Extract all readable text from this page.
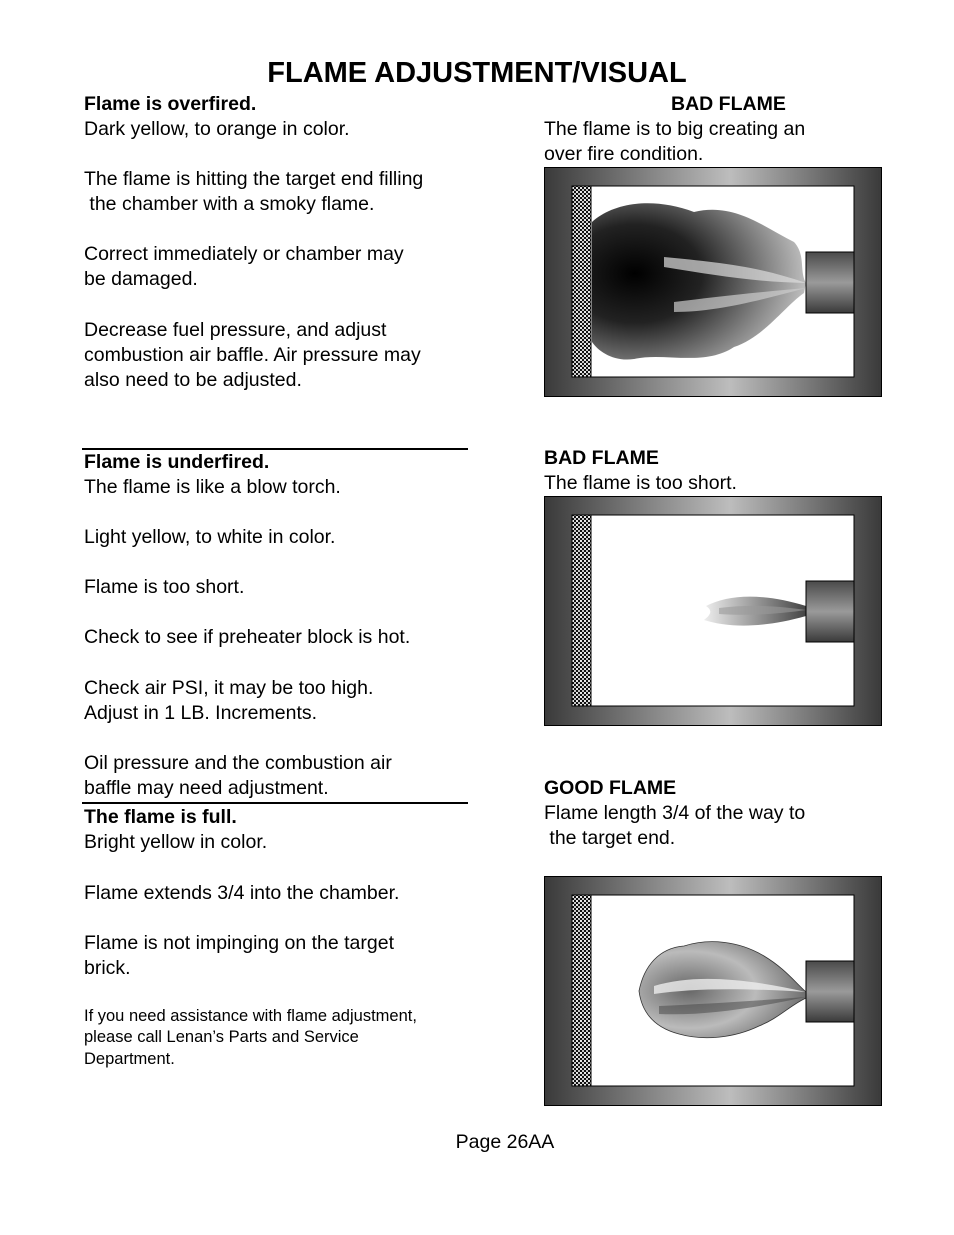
FLAME ADJUSTMENT/VISUAL

Flame is overfired.

Dark yellow, to orange in color.

The flame is hitting the target end filling

the chamber with a smoky flame.

Correct immediately or chamber may

be damaged.

Decrease fuel pressure, and adjust

combustion air baffle. Air pressure may

also need to be adjusted.

Flame is underfired.

The flame is like a blow torch.

Light yellow, to white in color.

Flame is too short.

Check to see if preheater block is hot.

Check air PSI, it may be too high.

Adjust in 1 LB. Increments.

Oil pressure and the combustion air

baffle may need adjustment.

The flame is full.

Bright yellow in color.

Flame extends 3/4 into the chamber.

Flame is not impinging on the target

brick.

If you need assistance with flame adjustment,

please call Lenan’s Parts and Service

Department.

BAD FLAME

The flame is to big creating an

over fire condition.

BAD FLAME

The flame is too short.

GOOD FLAME

Flame length 3/4 of the way to

the target end.

Page 26AA
